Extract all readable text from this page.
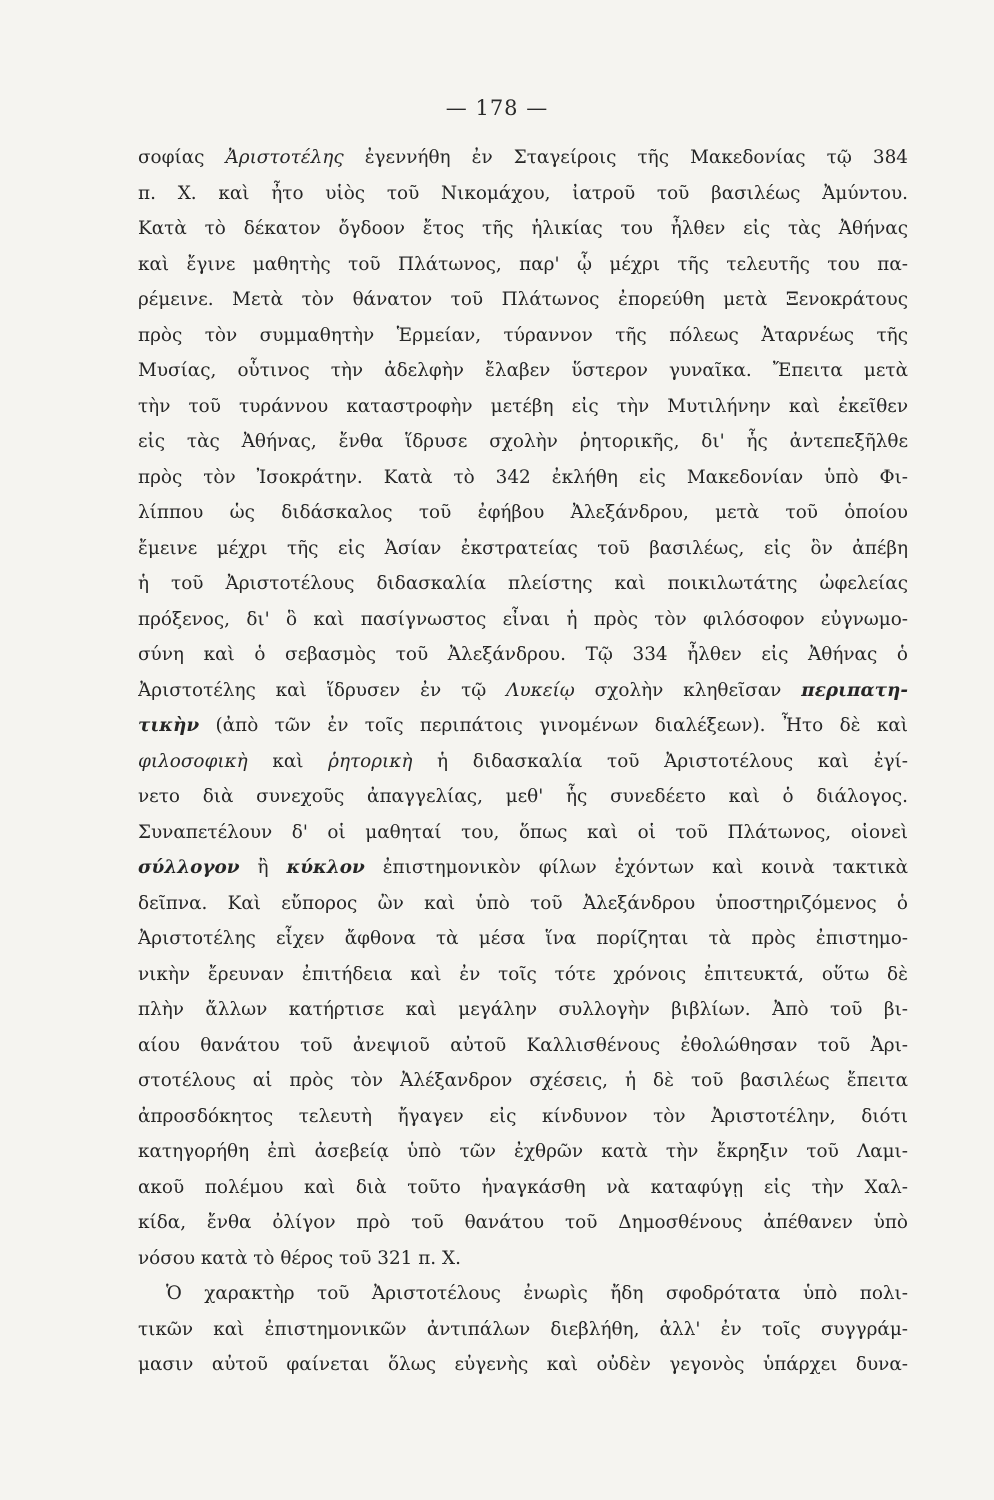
— 178 —
σοφίας Ἀριστοτέλης ἐγεννήθη ἐν Σταγείροις τῆς Μακεδονίας τῷ 384
π. Χ. καὶ ἦτο υἱὸς τοῦ Νικομάχου, ἰατροῦ τοῦ βασιλέως Ἀμύντου.
Κατὰ τὸ δέκατον ὄγδοον ἔτος τῆς ἡλικίας του ἦλθεν εἰς τὰς Ἀθήνας
καὶ ἔγινε μαθητὴς τοῦ Πλάτωνος, παρ' ᾧ μέχρι τῆς τελευτῆς του πα-
ρέμεινε. Μετὰ τὸν θάνατον τοῦ Πλάτωνος ἐπορεύθη μετὰ Ξενοκράτους
πρὸς τὸν συμμαθητὴν Ἑρμείαν, τύραννον τῆς πόλεως Ἀταρνέως τῆς
Μυσίας, οὗτινος τὴν ἀδελφὴν ἔλαβεν ὕστερον γυναῖκα. Ἔπειτα μετὰ
τὴν τοῦ τυράννου καταστροφὴν μετέβη εἰς τὴν Μυτιλήνην καὶ ἐκεῖθεν
εἰς τὰς Ἀθήνας, ἔνθα ἵδρυσε σχολὴν ῥητορικῆς, δι' ἧς ἀντεπεξῆλθε
πρὸς τὸν Ἰσοκράτην. Κατὰ τὸ 342 ἐκλήθη εἰς Μακεδονίαν ὑπὸ Φι-
λίππου ὡς διδάσκαλος τοῦ ἐφήβου Ἀλεξάνδρου, μετὰ τοῦ ὁποίου
ἔμεινε μέχρι τῆς εἰς Ἀσίαν ἐκστρατείας τοῦ βασιλέως, εἰς ὃν ἀπέβη
ἡ τοῦ Ἀριστοτέλους διδασκαλία πλείστης καὶ ποικιλωτάτης ὠφελείας
πρόξενος, δι' ὃ καὶ πασίγνωστος εἶναι ἡ πρὸς τὸν φιλόσοφον εὐγνωμο-
σύνη καὶ ὁ σεβασμὸς τοῦ Ἀλεξάνδρου. Τῷ 334 ἦλθεν εἰς Ἀθήνας ὁ
Ἀριστοτέλης καὶ ἵδρυσεν ἐν τῷ Λυκείῳ σχολὴν κληθεῖσαν περιπατη-
τικὴν (ἀπὸ τῶν ἐν τοῖς περιπάτοις γινομένων διαλέξεων). Ἦτο δὲ καὶ
φιλοσοφικὴ καὶ ῥητορικὴ ἡ διδασκαλία τοῦ Ἀριστοτέλους καὶ ἐγί-
νετο διὰ συνεχοῦς ἀπαγγελίας, μεθ' ἧς συνεδέετο καὶ ὁ διάλογος.
Συναπετέλουν δ' οἱ μαθηταί του, ὅπως καὶ οἱ τοῦ Πλάτωνος, οἱονεὶ
σύλλογον ἢ κύκλον ἐπιστημονικὸν φίλων ἐχόντων καὶ κοινὰ τακτικὰ
δεῖπνα. Καὶ εὔπορος ὢν καὶ ὑπὸ τοῦ Ἀλεξάνδρου ὑποστηριζόμενος ὁ
Ἀριστοτέλης εἶχεν ἄφθονα τὰ μέσα ἵνα πορίζηται τὰ πρὸς ἐπιστημο-
νικὴν ἔρευναν ἐπιτήδεια καὶ ἐν τοῖς τότε χρόνοις ἐπιτευκτά, οὕτω δὲ
πλὴν ἄλλων κατήρτισε καὶ μεγάλην συλλογὴν βιβλίων. Ἀπὸ τοῦ βι-
αίου θανάτου τοῦ ἀνεψιοῦ αὐτοῦ Καλλισθένους ἐθολώθησαν τοῦ Ἀρι-
στοτέλους αἱ πρὸς τὸν Ἀλέξανδρον σχέσεις, ἡ δὲ τοῦ βασιλέως ἔπειτα
ἀπροσδόκητος τελευτὴ ἤγαγεν εἰς κίνδυνον τὸν Ἀριστοτέλην, διότι
κατηγορήθη ἐπὶ ἀσεβείᾳ ὑπὸ τῶν ἐχθρῶν κατὰ τὴν ἔκρηξιν τοῦ Λαμι-
ακοῦ πολέμου καὶ διὰ τοῦτο ἠναγκάσθη νὰ καταφύγῃ εἰς τὴν Χαλ-
κίδα, ἔνθα ὀλίγον πρὸ τοῦ θανάτου τοῦ Δημοσθένους ἀπέθανεν ὑπὸ
νόσου κατὰ τὸ θέρος τοῦ 321 π. Χ.
Ὁ χαρακτὴρ τοῦ Ἀριστοτέλους ἐνωρὶς ἤδη σφοδρότατα ὑπὸ πολι-
τικῶν καὶ ἐπιστημονικῶν ἀντιπάλων διεβλήθη, ἀλλ' ἐν τοῖς συγγράμ-
μασιν αὐτοῦ φαίνεται ὅλως εὐγενὴς καὶ οὐδὲν γεγονὸς ὑπάρχει δυνα-
